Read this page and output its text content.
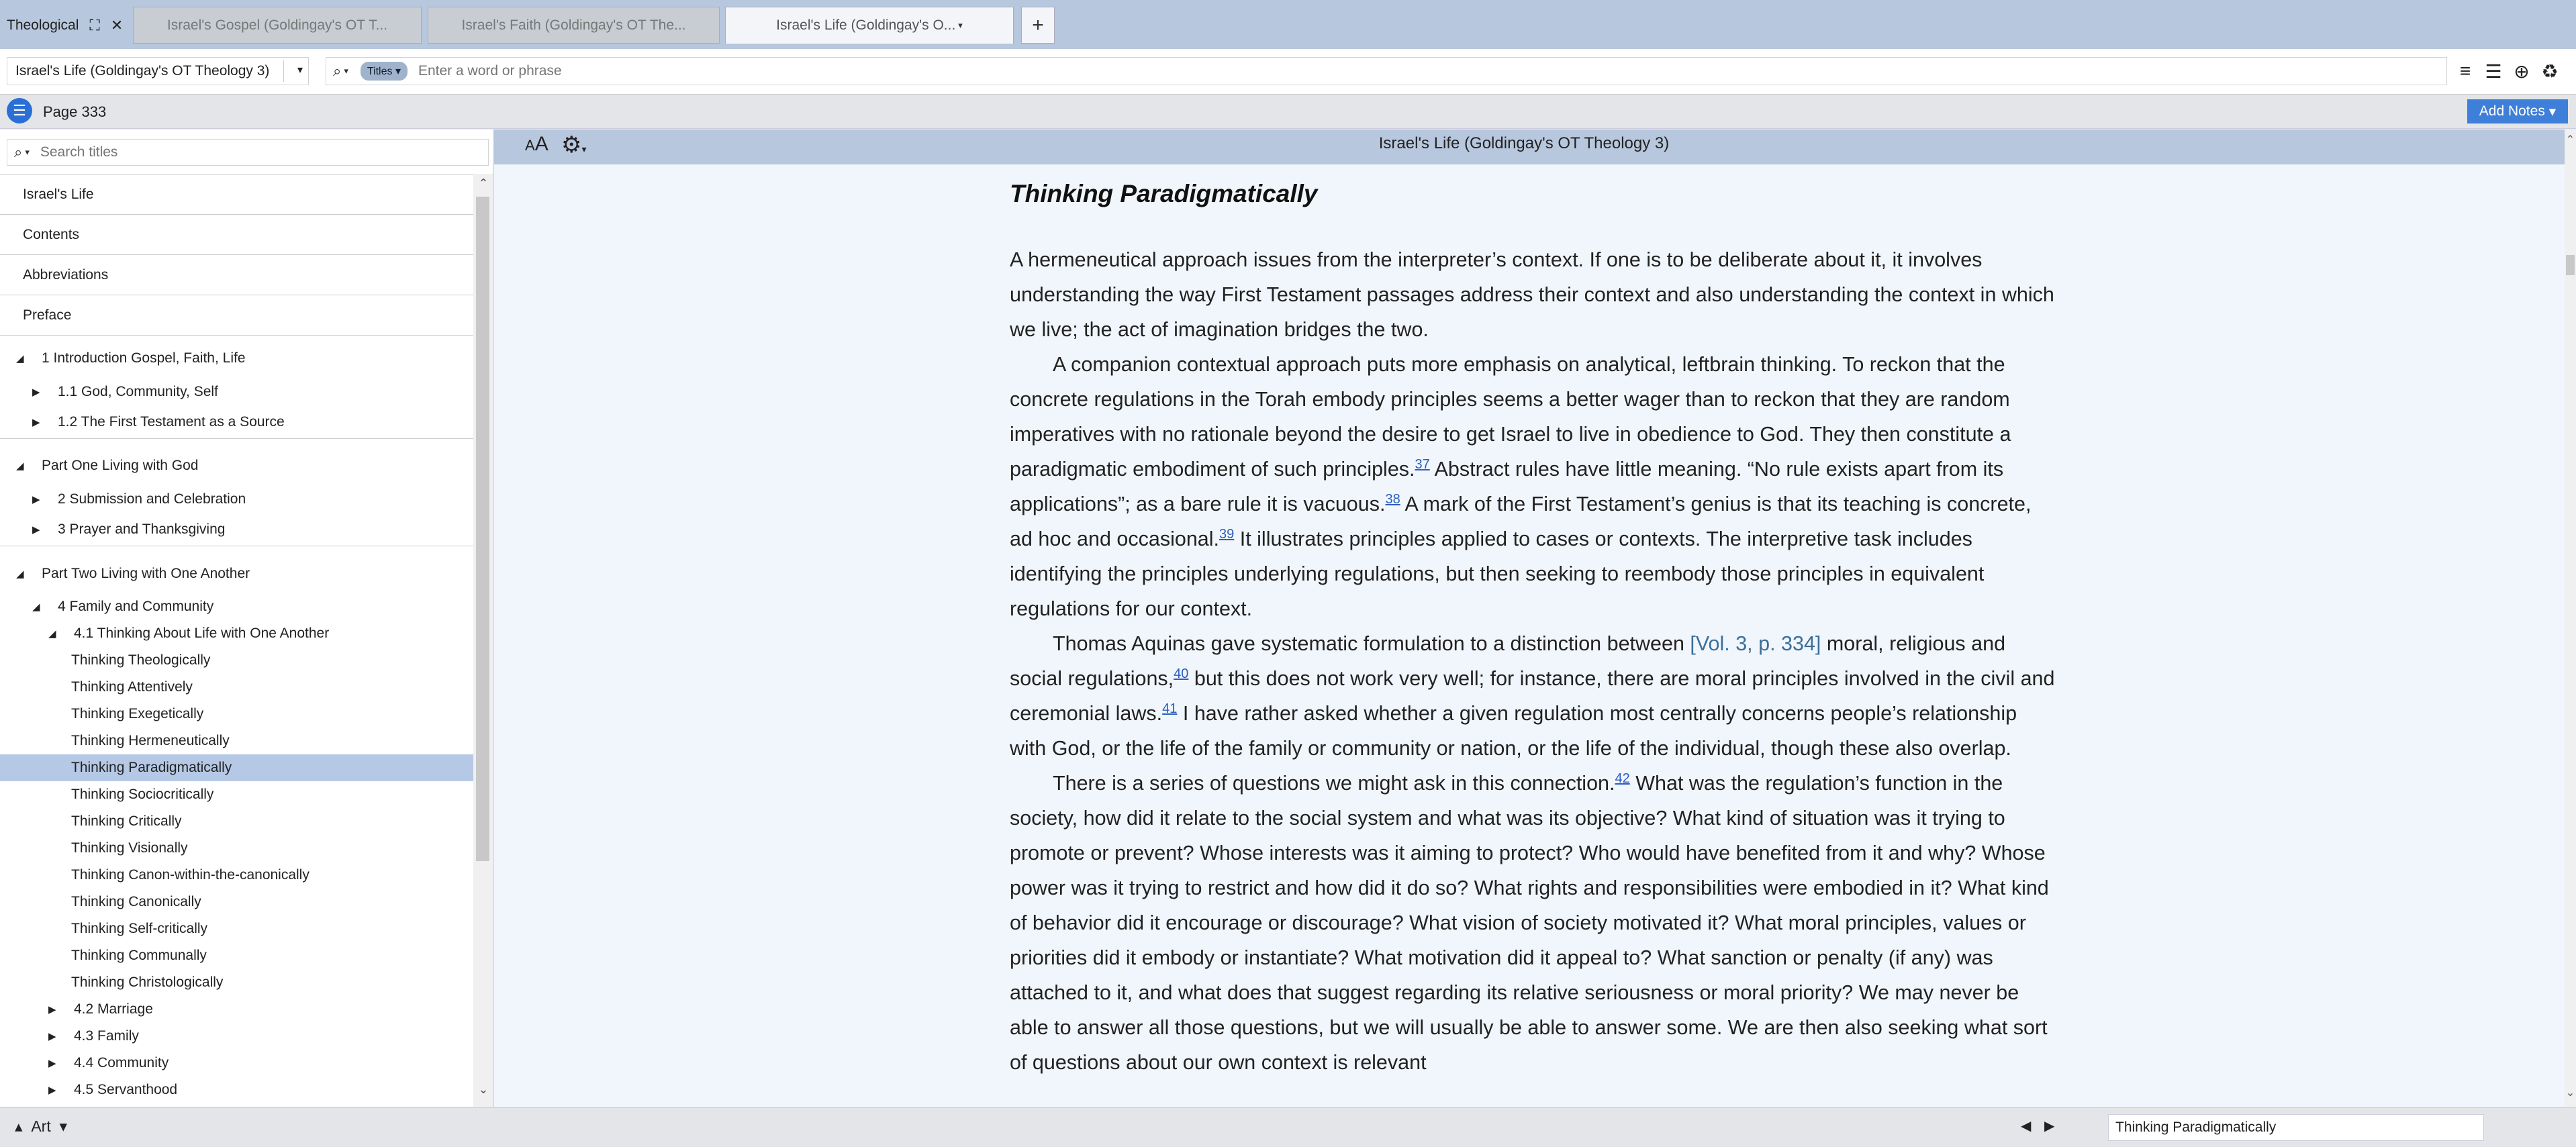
Theological ⛶ ✕	Israel's Gospel (Goldingay's OT T...	Israel's Faith (Goldingay's OT The...	Israel's Life (Goldingay's O... ▾	+
Israel's Life (Goldingay's OT Theology 3)	▾ ⌕ ▾	Titles ▾
Enter a word or phrase	≡ ☰ ⊕ ♻
☰	Page 333	Add Notes ▾
⌕ ▾
Search titles
Israel's Life
Contents
Abbreviations
Preface
◢ 1 Introduction Gospel, Faith, Life
▶ 1.1 God, Community, Self
▶ 1.2 The First Testament as a Source
◢ Part One Living with God
▶ 2 Submission and Celebration
▶ 3 Prayer and Thanksgiving
◢ Part Two Living with One Another
◢ 4 Family and Community
◢ 4.1 Thinking About Life with One Another
Thinking Theologically
Thinking Attentively
Thinking Exegetically
Thinking Hermeneutically
Thinking Paradigmatically
Thinking Sociocritically
Thinking Critically
Thinking Visionally
Thinking Canon-within-the-canonically
Thinking Canonically
Thinking Self-critically
Thinking Communally
Thinking Christologically
▶ 4.2 Marriage
▶ 4.3 Family
▶ 4.4 Community
▶ 4.5 Servanthood
⌃
⌄
AA ⚙▾	Israel's Life (Goldingay's OT Theology 3)
Thinking Paradigmatically

A hermeneutical approach issues from the interpreter’s context. If one is to be deliberate about it, it involves understanding the way First Testament passages address their context and also understanding the context in which we live; the act of imagination bridges the two.

A companion contextual approach puts more emphasis on analytical, leftbrain thinking. To reckon that the concrete regulations in the Torah embody principles seems a better wager than to reckon that they are random imperatives with no rationale beyond the desire to get Israel to live in obedience to God. They then constitute a paradigmatic embodiment of such principles.$^{37}$ Abstract rules have little meaning. “No rule exists apart from its applications”; as a bare rule it is vacuous.$^{38}$ A mark of the First Testament’s genius is that its teaching is concrete, ad hoc and occasional.$^{39}$ It illustrates principles applied to cases or contexts. The interpretive task includes identifying the principles underlying regulations, but then seeking to reembody those principles in equivalent regulations for our context.

Thomas Aquinas gave systematic formulation to a distinction between [Vol. 3, p. 334] moral, religious and social regulations,$^{40}$ but this does not work very well; for instance, there are moral principles involved in the civil and ceremonial laws.$^{41}$ I have rather asked whether a given regulation most centrally concerns people’s relationship with God, or the life of the family or community or nation, or the life of the individual, though these also overlap.

There is a series of questions we might ask in this connection.$^{42}$ What was the regulation’s function in the society, how did it relate to the social system and what was its objective? What kind of situation was it trying to promote or prevent? Whose interests was it aiming to protect? Who would have benefited from it and why? Whose power was it trying to restrict and how did it do so? What rights and responsibilities were embodied in it? What kind of behavior did it encourage or discourage? What vision of society motivated it? What moral principles, values or priorities did it embody or instantiate? What motivation did it appeal to? What sanction or penalty (if any) was attached to it, and what does that suggest regarding its relative seriousness or moral priority? We may never be able to answer all those questions, but we will usually be able to answer some. We are then also seeking what sort of questions about our own context is relevant

⌃
⌄
▴ Art ▾	◀ ▶	Thinking Paradigmatically
